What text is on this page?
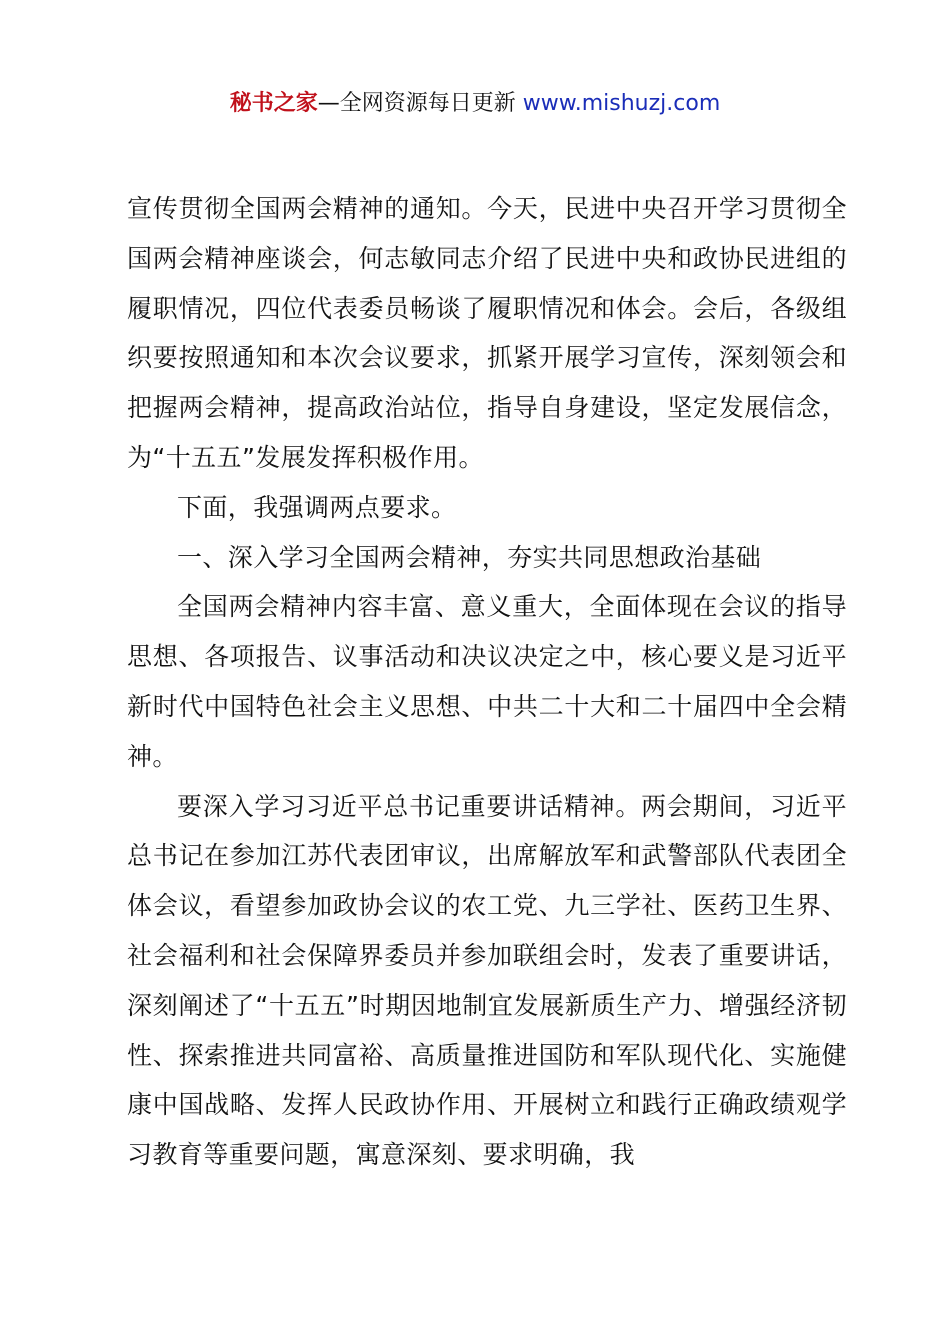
秘书之家—全网资源每日更新 www.mishuzj.com

宣传贯彻全国两会精神的通知。今天，民进中央召开学习贯彻全国两会精神座谈会，何志敏同志介绍了民进中央和政协民进组的履职情况，四位代表委员畅谈了履职情况和体会。会后，各级组织要按照通知和本次会议要求，抓紧开展学习宣传，深刻领会和把握两会精神，提高政治站位，指导自身建设，坚定发展信念，为“十五五”发展发挥积极作用。

下面，我强调两点要求。

一、深入学习全国两会精神，夯实共同思想政治基础

全国两会精神内容丰富、意义重大，全面体现在会议的指导思想、各项报告、议事活动和决议决定之中，核心要义是习近平新时代中国特色社会主义思想、中共二十大和二十届四中全会精神。

要深入学习习近平总书记重要讲话精神。两会期间，习近平总书记在参加江苏代表团审议，出席解放军和武警部队代表团全体会议，看望参加政协会议的农工党、九三学社、医药卫生界、社会福利和社会保障界委员并参加联组会时，发表了重要讲话，深刻阐述了“十五五”时期因地制宜发展新质生产力、增强经济韧性、探索推进共同富裕、高质量推进国防和军队现代化、实施健康中国战略、发挥人民政协作用、开展树立和践行正确政绩观学习教育等重要问题，寓意深刻、要求明确，我
